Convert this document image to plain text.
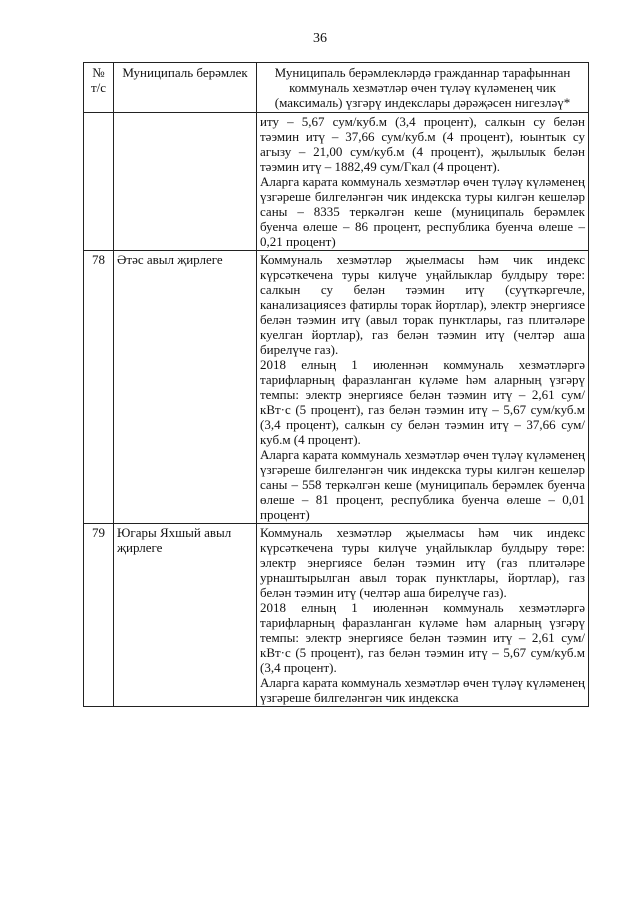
36
№ т/с	Муниципаль берәмлек	Муниципаль берәмлекләрдә гражданнар тарафыннан коммуналь хезмәтләр өчен түләү күләменең чик (максималь) үзгәрү индекслары дәрәҗәсен нигезләү*

		иту – 5,67 сум/куб.м (3,4 процент), салкын су белән тәэмин итү – 37,66 сум/куб.м (4 процент), юынтык су агызу – 21,00 сум/куб.м (4 процент), җылылык белән тәэмин итү – 1882,49 сум/Гкал (4 процент).
Аларга карата коммуналь хезмәтләр өчен түләү күләменең үзгәреше билгеләнгән чик индекска туры килгән кешеләр саны – 8335 теркәлгән кеше (муниципаль берәмлек буенча өлеше – 86 процент, республика буенча өлеше – 0,21 процент)

78	Әтәс авыл җирлеге	Коммуналь хезмәтләр җыелмасы һәм чик индекс күрсәткечена туры килүче уңайлыклар булдыру төре: салкын су белән тәэмин итү (суүткәргечле, канализациясез фатирлы торак йортлар), электр энергиясе белән тәэмин итү (авыл торак пунктлары, газ плитәләре куелган йортлар), газ белән тәэмин итү (челтәр аша бирелүче газ).
2018 елның 1 июленнән коммуналь хезмәтләргә тарифларның фаразланган күләме һәм аларның үзгәрү темпы: электр энергиясе белән тәэмин итү – 2,61 сум/кВт·с (5 процент), газ белән тәэмин итү – 5,67 сум/куб.м (3,4 процент), салкын су белән тәэмин итү – 37,66 сум/куб.м (4 процент).
Аларга карата коммуналь хезмәтләр өчен түләү күләменең үзгәреше билгеләнгән чик индекска туры килгән кешеләр саны – 558 теркәлгән кеше (муниципаль берәмлек буенча өлеше – 81 процент, республика буенча өлеше – 0,01 процент)

79	Югары Яхшый авыл җирлеге	Коммуналь хезмәтләр җыелмасы һәм чик индекс күрсәткечена туры килүче уңайлыклар булдыру төре: электр энергиясе белән тәэмин итү (газ плитәләре урнаштырылган авыл торак пунктлары, йортлар), газ белән тәэмин итү (челтәр аша бирелүче газ).
2018 елның 1 июленнән коммуналь хезмәтләргә тарифларның фаразланган күләме һәм аларның үзгәрү темпы: электр энергиясе белән тәэмин итү – 2,61 сум/кВт·с (5 процент), газ белән тәэмин итү – 5,67 сум/куб.м (3,4 процент).
Аларга карата коммуналь хезмәтләр өчен түләү күләменең үзгәреше билгеләнгән чик индекска
